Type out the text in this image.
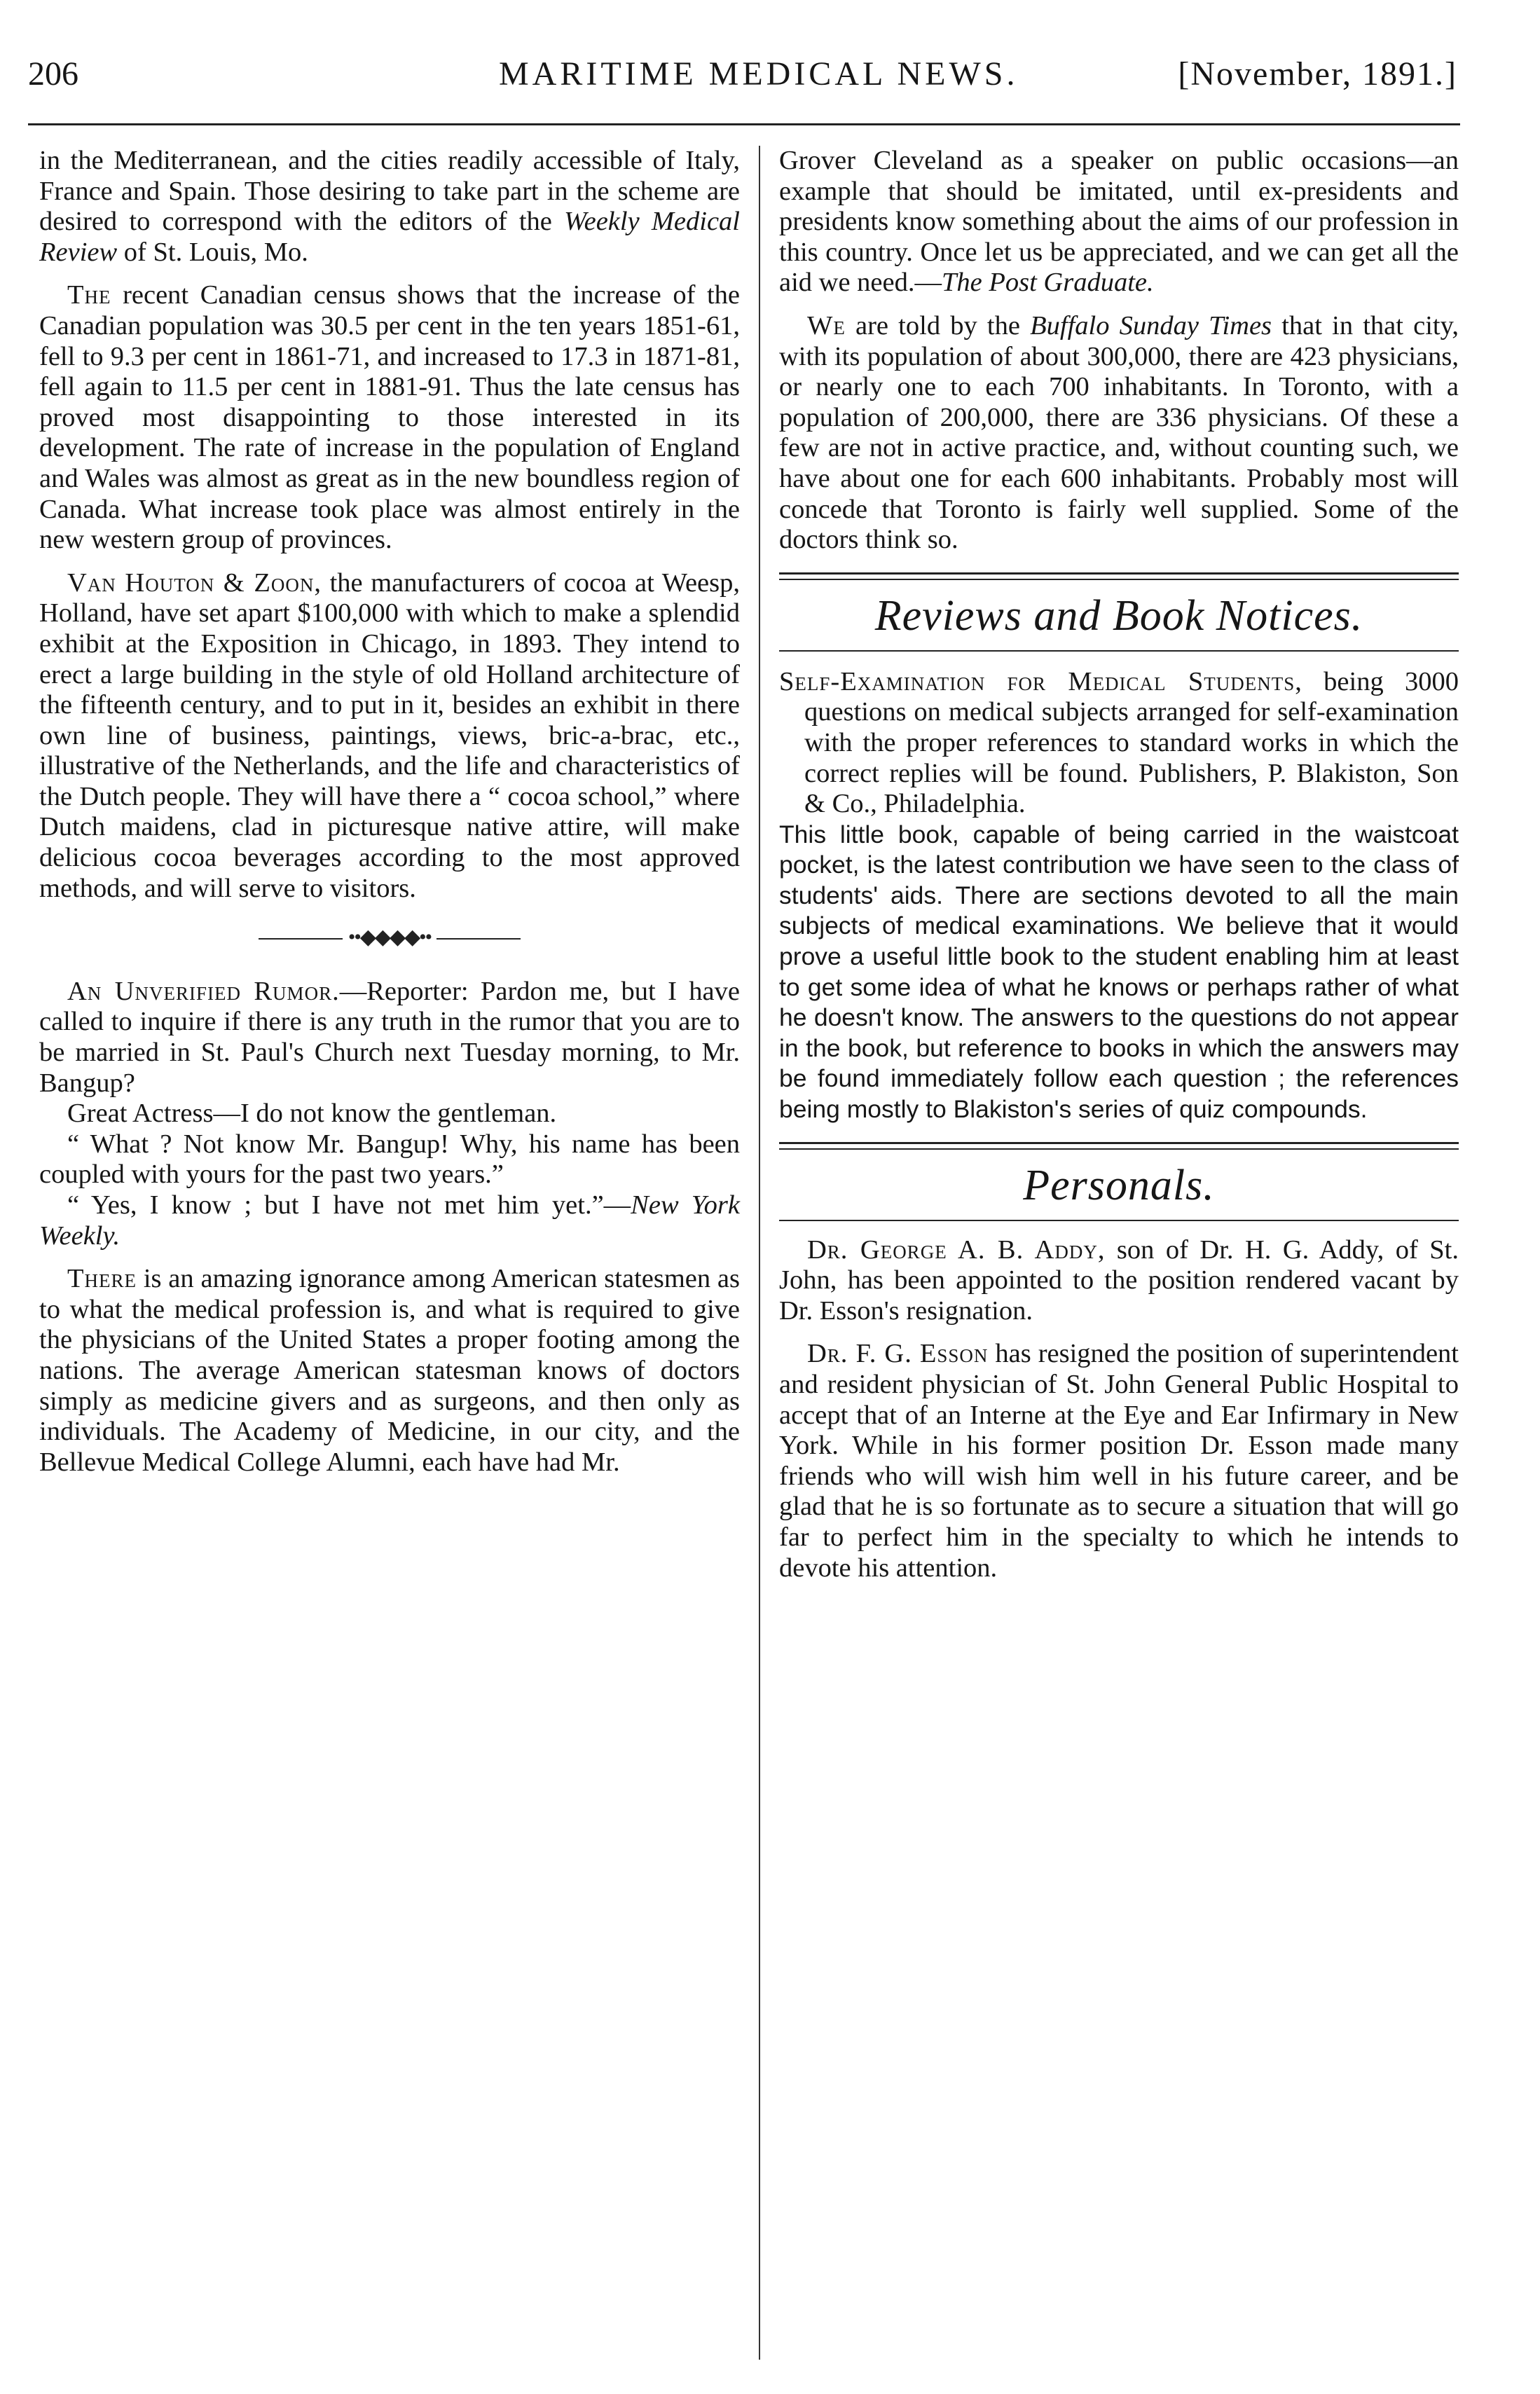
206	MARITIME MEDICAL NEWS.	[November, 1891.]

in the Mediterranean, and the cities readily accessible of Italy, France and Spain. Those desiring to take part in the scheme are desired to correspond with the editors of the Weekly Medical Review of St. Louis, Mo.

The recent Canadian census shows that the increase of the Canadian population was 30.5 per cent in the ten years 1851-61, fell to 9.3 per cent in 1861-71, and increased to 17.3 in 1871-81, fell again to 11.5 per cent in 1881-91. Thus the late census has proved most disappointing to those interested in its development. The rate of increase in the population of England and Wales was almost as great as in the new boundless region of Canada. What increase took place was almost entirely in the new western group of provinces.

Van Houton & Zoon, the manufacturers of cocoa at Weesp, Holland, have set apart $100,000 with which to make a splendid exhibit at the Exposition in Chicago, in 1893. They intend to erect a large building in the style of old Holland architecture of the fifteenth century, and to put in it, besides an exhibit in there own line of business, paintings, views, bric-a-brac, etc., illustrative of the Netherlands, and the life and characteristics of the Dutch people. They will have there a “ cocoa school,” where Dutch maidens, clad in picturesque native attire, will make delicious cocoa beverages according to the most approved methods, and will serve to visitors.

••◆◆◆◆••

An Unverified Rumor.—Reporter: Pardon me, but I have called to inquire if there is any truth in the rumor that you are to be married in St. Paul's Church next Tuesday morning, to Mr. Bangup?

Great Actress—I do not know the gentleman.

“ What ? Not know Mr. Bangup! Why, his name has been coupled with yours for the past two years.”

“ Yes, I know ; but I have not met him yet.”—New York Weekly.

There is an amazing ignorance among American statesmen as to what the medical profession is, and what is required to give the physicians of the United States a proper footing among the nations. The average American statesman knows of doctors simply as medicine givers and as surgeons, and then only as individuals. The Academy of Medicine, in our city, and the Bellevue Medical College Alumni, each have had Mr.

Grover Cleveland as a speaker on public occasions—an example that should be imitated, until ex-presidents and presidents know something about the aims of our profession in this country. Once let us be appreciated, and we can get all the aid we need.—The Post Graduate.

We are told by the Buffalo Sunday Times that in that city, with its population of about 300,000, there are 423 physicians, or nearly one to each 700 inhabitants. In Toronto, with a population of 200,000, there are 336 physicians. Of these a few are not in active practice, and, without counting such, we have about one for each 600 inhabitants. Probably most will concede that Toronto is fairly well supplied. Some of the doctors think so.

Reviews and Book Notices.

Self-Examination for Medical Students, being 3000 questions on medical subjects arranged for self-examination with the proper references to standard works in which the correct replies will be found. Publishers, P. Blakiston, Son & Co., Philadelphia.

This little book, capable of being carried in the waistcoat pocket, is the latest contribution we have seen to the class of students' aids. There are sections devoted to all the main subjects of medical examinations. We believe that it would prove a useful little book to the student enabling him at least to get some idea of what he knows or perhaps rather of what he doesn't know. The answers to the questions do not appear in the book, but reference to books in which the answers may be found immediately follow each question ; the references being mostly to Blakiston's series of quiz compounds.

Personals.

Dr. George A. B. Addy, son of Dr. H. G. Addy, of St. John, has been appointed to the position rendered vacant by Dr. Esson's resignation.

Dr. F. G. Esson has resigned the position of superintendent and resident physician of St. John General Public Hospital to accept that of an Interne at the Eye and Ear Infirmary in New York. While in his former position Dr. Esson made many friends who will wish him well in his future career, and be glad that he is so fortunate as to secure a situation that will go far to perfect him in the specialty to which he intends to devote his attention.
